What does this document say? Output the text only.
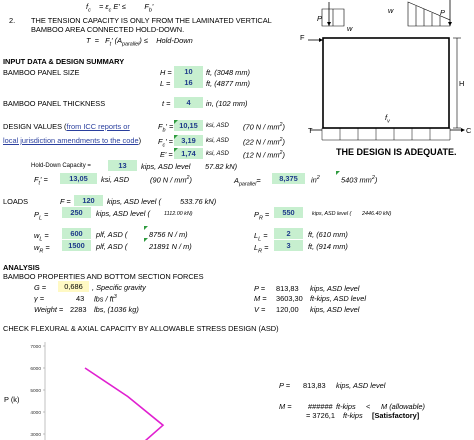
$f_c = \varepsilon_c$ $E' \le F_b'$
2. THE TENSION CAPACITY IS ONLY FROM THE LAMINATED VERTICAL
BAMBOO AREA CONNECTED HOLD-DOWN.
$T = F_t'$ $(A_{parallel})$ ≤ Hold-Down
INPUT DATA & DESIGN SUMMARY
BAMBOO PANEL SIZE	H =	10	ft, (3048 mm)
L =	16	ft, (4877 mm)
BAMBOO PANEL THICKNESS	t =	4	in, (102 mm)
DESIGN VALUES (from ICC reports or
local jurisdiction amendments to the code)
$F_b' = 10,15$	ksi, ASD (70 N / $mm^2$)
$F_c'$ =	3,19	ksi, ASD (22 N / $mm^2$)
E' =	1,74	ksi, ASD (12 N / $mm^2$)
Hold-Down Capacity =	13	kips, ASD level 57.82 kN)
$F_t'$ =	13,05	ksi, ASD	(90 N / $mm^2$)	$A_{parallel}=$	8,375	$in^2$	5403 $mm^2$)
LOADS	F =	120	kips, ASD level (	533.76 kN)
$P_L$ =	250	kips, ASD level (	1112.00 kN)	$P_R$ =	550	kips, ASD level ( 2446.40 kN)
$w_L$ =	600	plf, ASD (	8756 N / m)	$L_L$ =	2	ft, (610 mm)
$w_R$ =	1500	plf, ASD (	21891 N / m)	$L_R$ =	3	ft, (914 mm)
ANALYSIS
BAMBOO PROPERTIES AND BOTTOM SECTION FORCES
G =	0,686	, Specific gravity
γ =	43 lbs / $ft^3$
Weight = 2283 lbs, (1036 kg)
P = 813,83 kips, ASD level
M = 3603,30 ft-kips, ASD level
V = 120,00 kips, ASD level
CHECK FLEXURAL & AXIAL CAPACITY BY ALLOWABLE STRESS DESIGN (ASD)
P = 813,83 kips, ASD level
M = ###### ft-kips < M (allowable)
= 3726,1 ft-kips [Satisfactory]
7000
6000
5000
4000
3000
P (k)
P
w
w
P
F
H
$f_v$
T	C
THE DESIGN IS ADEQUATE.
